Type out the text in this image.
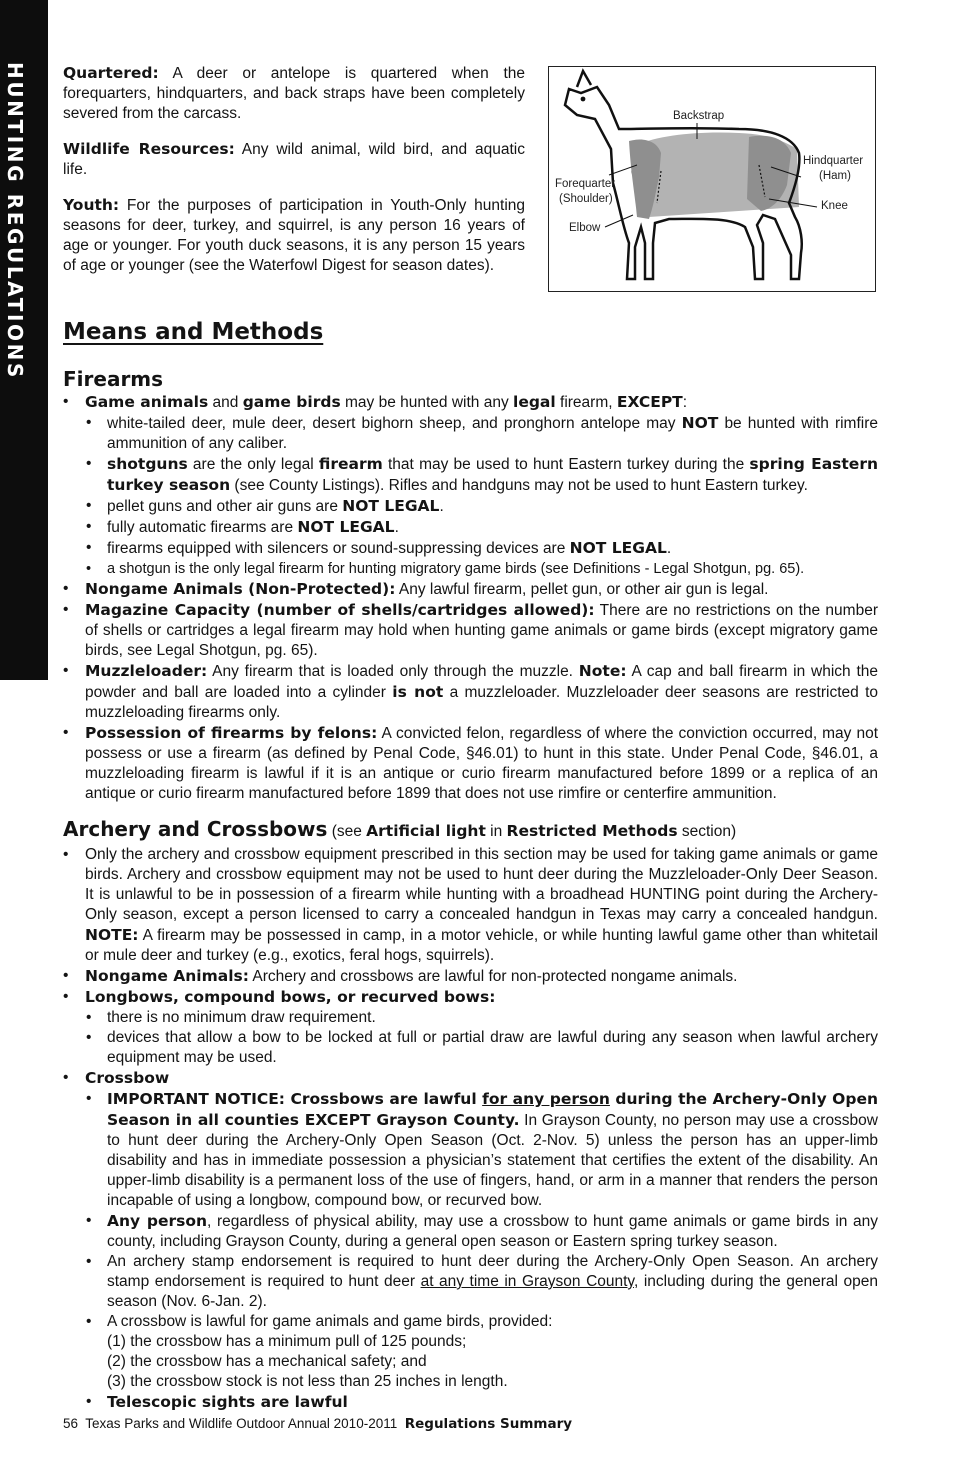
HUNTING REGULATIONS Quartered: A deer or antelope is quartered when the forequarters, hindquarters, and back straps have been completely severed from the carcass.

Wildlife Resources: Any wild animal, wild bird, and aquatic life.

Youth: For the purposes of participation in Youth-Only hunting seasons for deer, turkey, and squirrel, is any person 16 years of age or younger. For youth duck seasons, it is any person 15 years of age or younger (see the Waterfowl Digest for season dates).

Backstrap
Forequarter
(Shoulder)
Elbow
Hindquarter
(Ham)
Knee
Means and Methods
Firearms
• Game animals and game birds may be hunted with any legal firearm, EXCEPT:
• white-tailed deer, mule deer, desert bighorn sheep, and pronghorn antelope may NOT be hunted with rimfire ammunition of any caliber.
• shotguns are the only legal firearm that may be used to hunt Eastern turkey during the spring Eastern turkey season (see County Listings). Rifles and handguns may not be used to hunt Eastern turkey.
• pellet guns and other air guns are NOT LEGAL.
• fully automatic firearms are NOT LEGAL.
• firearms equipped with silencers or sound-suppressing devices are NOT LEGAL.
• a shotgun is the only legal firearm for hunting migratory game birds (see Definitions - Legal Shotgun, pg. 65).
• Nongame Animals (Non-Protected): Any lawful firearm, pellet gun, or other air gun is legal.
• Magazine Capacity (number of shells/cartridges allowed): There are no restrictions on the number of shells or cartridges a legal firearm may hold when hunting game animals or game birds (except migratory game birds, see Legal Shotgun, pg. 65).
• Muzzleloader: Any firearm that is loaded only through the muzzle. Note: A cap and ball firearm in which the powder and ball are loaded into a cylinder is not a muzzleloader. Muzzleloader deer seasons are restricted to muzzleloading firearms only.
• Possession of firearms by felons: A convicted felon, regardless of where the conviction occurred, may not possess or use a firearm (as defined by Penal Code, §46.01) to hunt in this state. Under Penal Code, §46.01, a muzzleloading firearm is lawful if it is an antique or curio firearm manufactured before 1899 or a replica of an antique or curio firearm manufactured before 1899 that does not use rimfire or centerfire ammunition.
Archery and Crossbows (see Artificial light in Restricted Methods section)
• Only the archery and crossbow equipment prescribed in this section may be used for taking game animals or game birds. Archery and crossbow equipment may not be used to hunt deer during the Muzzleloader-Only Deer Season. It is unlawful to be in possession of a firearm while hunting with a broadhead HUNTING point during the Archery-Only season, except a person licensed to carry a concealed handgun in Texas may carry a concealed handgun. NOTE: A firearm may be possessed in camp, in a motor vehicle, or while hunting lawful game other than whitetail or mule deer and turkey (e.g., exotics, feral hogs, squirrels).
• Nongame Animals: Archery and crossbows are lawful for non-protected nongame animals.
• Longbows, compound bows, or recurved bows:
• there is no minimum draw requirement.
• devices that allow a bow to be locked at full or partial draw are lawful during any season when lawful archery equipment may be used.
• Crossbow
• IMPORTANT NOTICE: Crossbows are lawful for any person during the Archery-Only Open Season in all counties EXCEPT Grayson County. In Grayson County, no person may use a crossbow to hunt deer during the Archery-Only Open Season (Oct. 2-Nov. 5) unless the person has an upper-limb disability and has in immediate possession a physician’s statement that certifies the extent of the disability. An upper-limb disability is a permanent loss of the use of fingers, hand, or arm in a manner that renders the person incapable of using a longbow, compound bow, or recurved bow.
• Any person, regardless of physical ability, may use a crossbow to hunt game animals or game birds in any county, including Grayson County, during a general open season or Eastern spring turkey season.
• An archery stamp endorsement is required to hunt deer during the Archery-Only Open Season. An archery stamp endorsement is required to hunt deer at any time in Grayson County, including during the general open season (Nov. 6-Jan. 2).
• A crossbow is lawful for game animals and game birds, provided:
(1) the crossbow has a minimum pull of 125 pounds;
(2) the crossbow has a mechanical safety; and
(3) the crossbow stock is not less than 25 inches in length.
• Telescopic sights are lawful
56  Texas Parks and Wildlife Outdoor Annual 2010-2011  Regulations Summary
